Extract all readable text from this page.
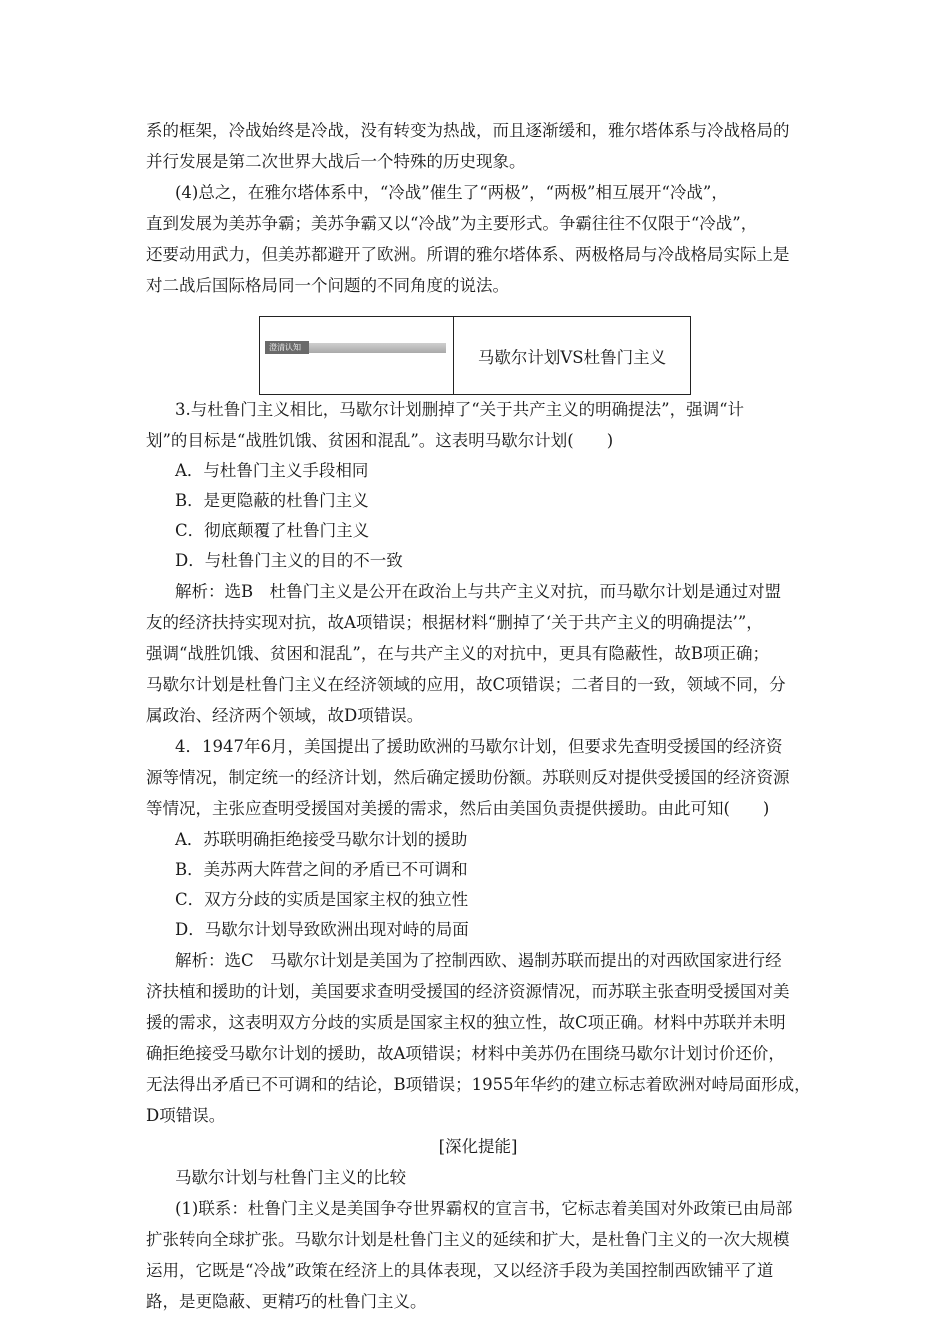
系的框架，冷战始终是冷战，没有转变为热战，而且逐渐缓和，雅尔塔体系与冷战格局的
并行发展是第二次世界大战后一个特殊的历史现象。
(4)总之，在雅尔塔体系中，“冷战”催生了“两极”，“两极”相互展开“冷战”，
直到发展为美苏争霸；美苏争霸又以“冷战”为主要形式。争霸往往不仅限于“冷战”，
还要动用武力，但美苏都避开了欧洲。所谓的雅尔塔体系、两极格局与冷战格局实际上是
对二战后国际格局同一个问题的不同角度的说法。
澄清认知	马歇尔计划VS杜鲁门主义
3.与杜鲁门主义相比，马歇尔计划删掉了“关于共产主义的明确提法”，强调“计
划”的目标是“战胜饥饿、贫困和混乱”。这表明马歇尔计划(　　)
A．与杜鲁门主义手段相同
B．是更隐蔽的杜鲁门主义
C．彻底颠覆了杜鲁门主义
D．与杜鲁门主义的目的不一致
解析：选B　杜鲁门主义是公开在政治上与共产主义对抗，而马歇尔计划是通过对盟
友的经济扶持实现对抗，故A项错误；根据材料“删掉了‘关于共产主义的明确提法’”，
强调“战胜饥饿、贫困和混乱”，在与共产主义的对抗中，更具有隐蔽性，故B项正确；
马歇尔计划是杜鲁门主义在经济领域的应用，故C项错误；二者目的一致，领域不同，分
属政治、经济两个领域，故D项错误。
4．1947年6月，美国提出了援助欧洲的马歇尔计划，但要求先查明受援国的经济资
源等情况，制定统一的经济计划，然后确定援助份额。苏联则反对提供受援国的经济资源
等情况，主张应查明受援国对美援的需求，然后由美国负责提供援助。由此可知(　　)
A．苏联明确拒绝接受马歇尔计划的援助
B．美苏两大阵营之间的矛盾已不可调和
C．双方分歧的实质是国家主权的独立性
D．马歇尔计划导致欧洲出现对峙的局面
解析：选C　马歇尔计划是美国为了控制西欧、遏制苏联而提出的对西欧国家进行经
济扶植和援助的计划，美国要求查明受援国的经济资源情况，而苏联主张查明受援国对美
援的需求，这表明双方分歧的实质是国家主权的独立性，故C项正确。材料中苏联并未明
确拒绝接受马歇尔计划的援助，故A项错误；材料中美苏仍在围绕马歇尔计划讨价还价，
无法得出矛盾已不可调和的结论，B项错误；1955年华约的建立标志着欧洲对峙局面形成，
D项错误。
[深化提能]
马歇尔计划与杜鲁门主义的比较
(1)联系：杜鲁门主义是美国争夺世界霸权的宣言书，它标志着美国对外政策已由局部
扩张转向全球扩张。马歇尔计划是杜鲁门主义的延续和扩大，是杜鲁门主义的一次大规模
运用，它既是“冷战”政策在经济上的具体表现，又以经济手段为美国控制西欧铺平了道
路，是更隐蔽、更精巧的杜鲁门主义。
